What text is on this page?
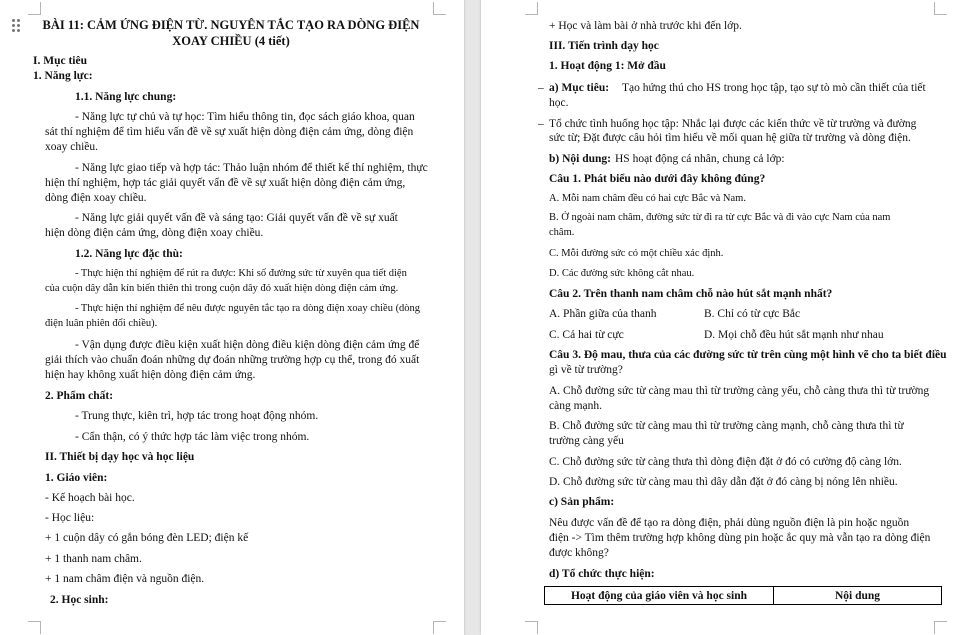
BÀI 11: CẢM ỨNG ĐIỆN TỪ. NGUYÊN TẮC TẠO RA DÒNG ĐIỆN
XOAY CHIỀU (4 tiết)
I. Mục tiêu
1. Năng lực:
1.1. Năng lực chung:
- Năng lực tự chủ và tự học: Tìm hiểu thông tin, đọc sách giáo khoa, quan
sát thí nghiệm để tìm hiểu vấn đề về sự xuất hiện dòng điện cảm ứng, dòng điện
xoay chiều.
- Năng lực giao tiếp và hợp tác: Thảo luận nhóm để thiết kế thí nghiệm, thực
hiện thí nghiệm, hợp tác giải quyết vấn đề về sự xuất hiện dòng điện cảm ứng,
dòng điện xoay chiều.
- Năng lực giải quyết vấn đề và sáng tạo: Giải quyết vấn đề về sự xuất
hiện dòng điện cảm ứng, dòng điện xoay chiều.
1.2. Năng lực đặc thù:
- Thực hiện thí nghiệm để rút ra được: Khi số đường sức từ xuyên qua tiết diện
của cuộn dây dẫn kín biến thiên thì trong cuộn dây đó xuất hiện dòng điện cảm ứng.
- Thực hiện thí nghiệm để nêu được nguyên tắc tạo ra dòng điện xoay chiều (dòng
điện luân phiên đổi chiều).
- Vận dụng được điều kiện xuất hiện dòng điều kiện dòng điện cảm ứng để
giải thích vào chuẩn đoán những dự đoán những trường hợp cụ thể, trong đó xuất
hiện hay không xuất hiện dòng điện cảm ứng.
2. Phẩm chất:
- Trung thực, kiên trì, hợp tác trong hoạt động nhóm.
- Cẩn thận, có ý thức hợp tác làm việc trong nhóm.
II. Thiết bị dạy học và học liệu
1. Giáo viên:
- Kế hoạch bài học.
- Học liệu:
+ 1 cuộn dây có gắn bóng đèn LED; điện kế
+ 1 thanh nam châm.
+ 1 nam châm điện và nguồn điện.
2. Học sinh:
+ Học và làm bài ở nhà trước khi đến lớp.
III. Tiến trình dạy học
1. Hoạt động 1: Mở đầu
– a) Mục tiêu: Tạo hứng thú cho HS trong học tập, tạo sự tò mò cần thiết của tiết
học.
– Tổ chức tình huống học tập: Nhắc lại được các kiến thức về từ trường và đường
sức từ; Đặt được câu hỏi tìm hiểu về mối quan hệ giữa từ trường và dòng điện.
b) Nội dung: HS hoạt động cá nhân, chung cả lớp:
Câu 1. Phát biểu nào dưới đây không đúng?
A. Mỗi nam châm đều có hai cực Bắc và Nam.
B. Ở ngoài nam châm, đường sức từ đi ra từ cực Bắc và đi vào cực Nam của nam
châm.
C. Mỗi đường sức có một chiều xác định.
D. Các đường sức không cắt nhau.
Câu 2. Trên thanh nam châm chỗ nào hút sắt mạnh nhất?
A. Phần giữa của thanh	B. Chỉ có từ cực Bắc
C. Cả hai từ cực	D. Mọi chỗ đều hút sắt mạnh như nhau
Câu 3. Độ mau, thưa của các đường sức từ trên cùng một hình vẽ cho ta biết điều
gì về từ trường?
A. Chỗ đường sức từ càng mau thì từ trường càng yếu, chỗ càng thưa thì từ trường
càng mạnh.
B. Chỗ đường sức từ càng mau thì từ trường càng mạnh, chỗ càng thưa thì từ
trường càng yếu
C. Chỗ đường sức từ càng thưa thì dòng điện đặt ở đó có cường độ càng lớn.
D. Chỗ đường sức từ càng mau thì dây dẫn đặt ở đó càng bị nóng lên nhiều.
c) Sản phẩm:
Nêu được vấn đề để tạo ra dòng điện, phải dùng nguồn điện là pin hoặc nguồn
điện -> Tìm thêm trường hợp không dùng pin hoặc ắc quy mà vẫn tạo ra dòng điện
được không?
d) Tổ chức thực hiện:
Hoạt động của giáo viên và học sinh	Nội dung
